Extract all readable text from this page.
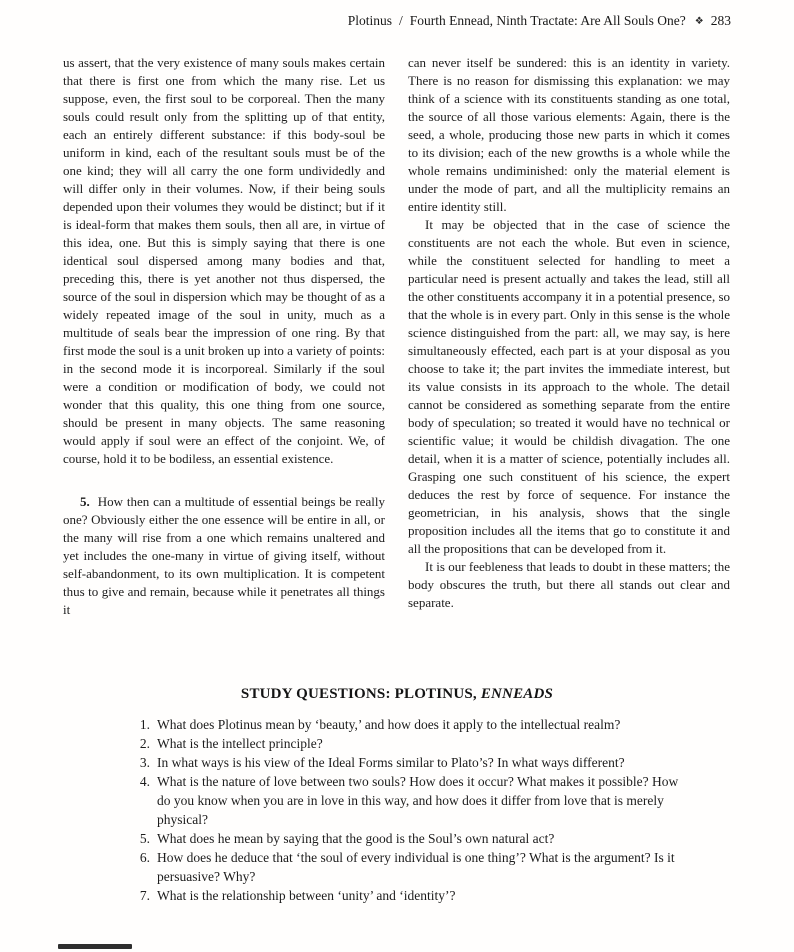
Plotinus / Fourth Ennead, Ninth Tractate: Are All Souls One? ❖ 283

us assert, that the very existence of many souls makes certain that there is first one from which the many rise. Let us suppose, even, the first soul to be corporeal. Then the many souls could result only from the splitting up of that entity, each an entirely different substance: if this body-soul be uniform in kind, each of the resultant souls must be of the one kind; they will all carry the one form undividedly and will differ only in their volumes. Now, if their being souls depended upon their volumes they would be distinct; but if it is ideal-form that makes them souls, then all are, in virtue of this idea, one. But this is simply saying that there is one identical soul dispersed among many bodies and that, preceding this, there is yet another not thus dispersed, the source of the soul in dispersion which may be thought of as a widely repeated image of the soul in unity, much as a multitude of seals bear the impression of one ring. By that first mode the soul is a unit broken up into a variety of points: in the second mode it is incorporeal. Similarly if the soul were a condition or modification of body, we could not wonder that this quality, this one thing from one source, should be present in many objects. The same reasoning would apply if soul were an effect of the conjoint. We, of course, hold it to be bodiless, an essential existence.

5. How then can a multitude of essential beings be really one? Obviously either the one essence will be entire in all, or the many will rise from a one which remains unaltered and yet includes the one-many in virtue of giving itself, without self-abandonment, to its own multiplication. It is competent thus to give and remain, because while it penetrates all things it

can never itself be sundered: this is an identity in variety. There is no reason for dismissing this explanation: we may think of a science with its constituents standing as one total, the source of all those various elements: Again, there is the seed, a whole, producing those new parts in which it comes to its division; each of the new growths is a whole while the whole remains undiminished: only the material element is under the mode of part, and all the multiplicity remains an entire identity still.

It may be objected that in the case of science the constituents are not each the whole. But even in science, while the constituent selected for handling to meet a particular need is present actually and takes the lead, still all the other constituents accompany it in a potential presence, so that the whole is in every part. Only in this sense is the whole science distinguished from the part: all, we may say, is here simultaneously effected, each part is at your disposal as you choose to take it; the part invites the immediate interest, but its value consists in its approach to the whole. The detail cannot be considered as something separate from the entire body of speculation; so treated it would have no technical or scientific value; it would be childish divagation. The one detail, when it is a matter of science, potentially includes all. Grasping one such constituent of his science, the expert deduces the rest by force of sequence. For instance the geometrician, in his analysis, shows that the single proposition includes all the items that go to constitute it and all the propositions that can be developed from it.

It is our feebleness that leads to doubt in these matters; the body obscures the truth, but there all stands out clear and separate.

STUDY QUESTIONS: PLOTINUS, ENNEADS
1. What does Plotinus mean by ‘beauty,’ and how does it apply to the intellectual realm?
2. What is the intellect principle?
3. In what ways is his view of the Ideal Forms similar to Plato’s? In what ways different?
4. What is the nature of love between two souls? How does it occur? What makes it possible? How do you know when you are in love in this way, and how does it differ from love that is merely physical?
5. What does he mean by saying that the good is the Soul’s own natural act?
6. How does he deduce that ‘the soul of every individual is one thing’? What is the argument? Is it persuasive? Why?
7. What is the relationship between ‘unity’ and ‘identity’?
